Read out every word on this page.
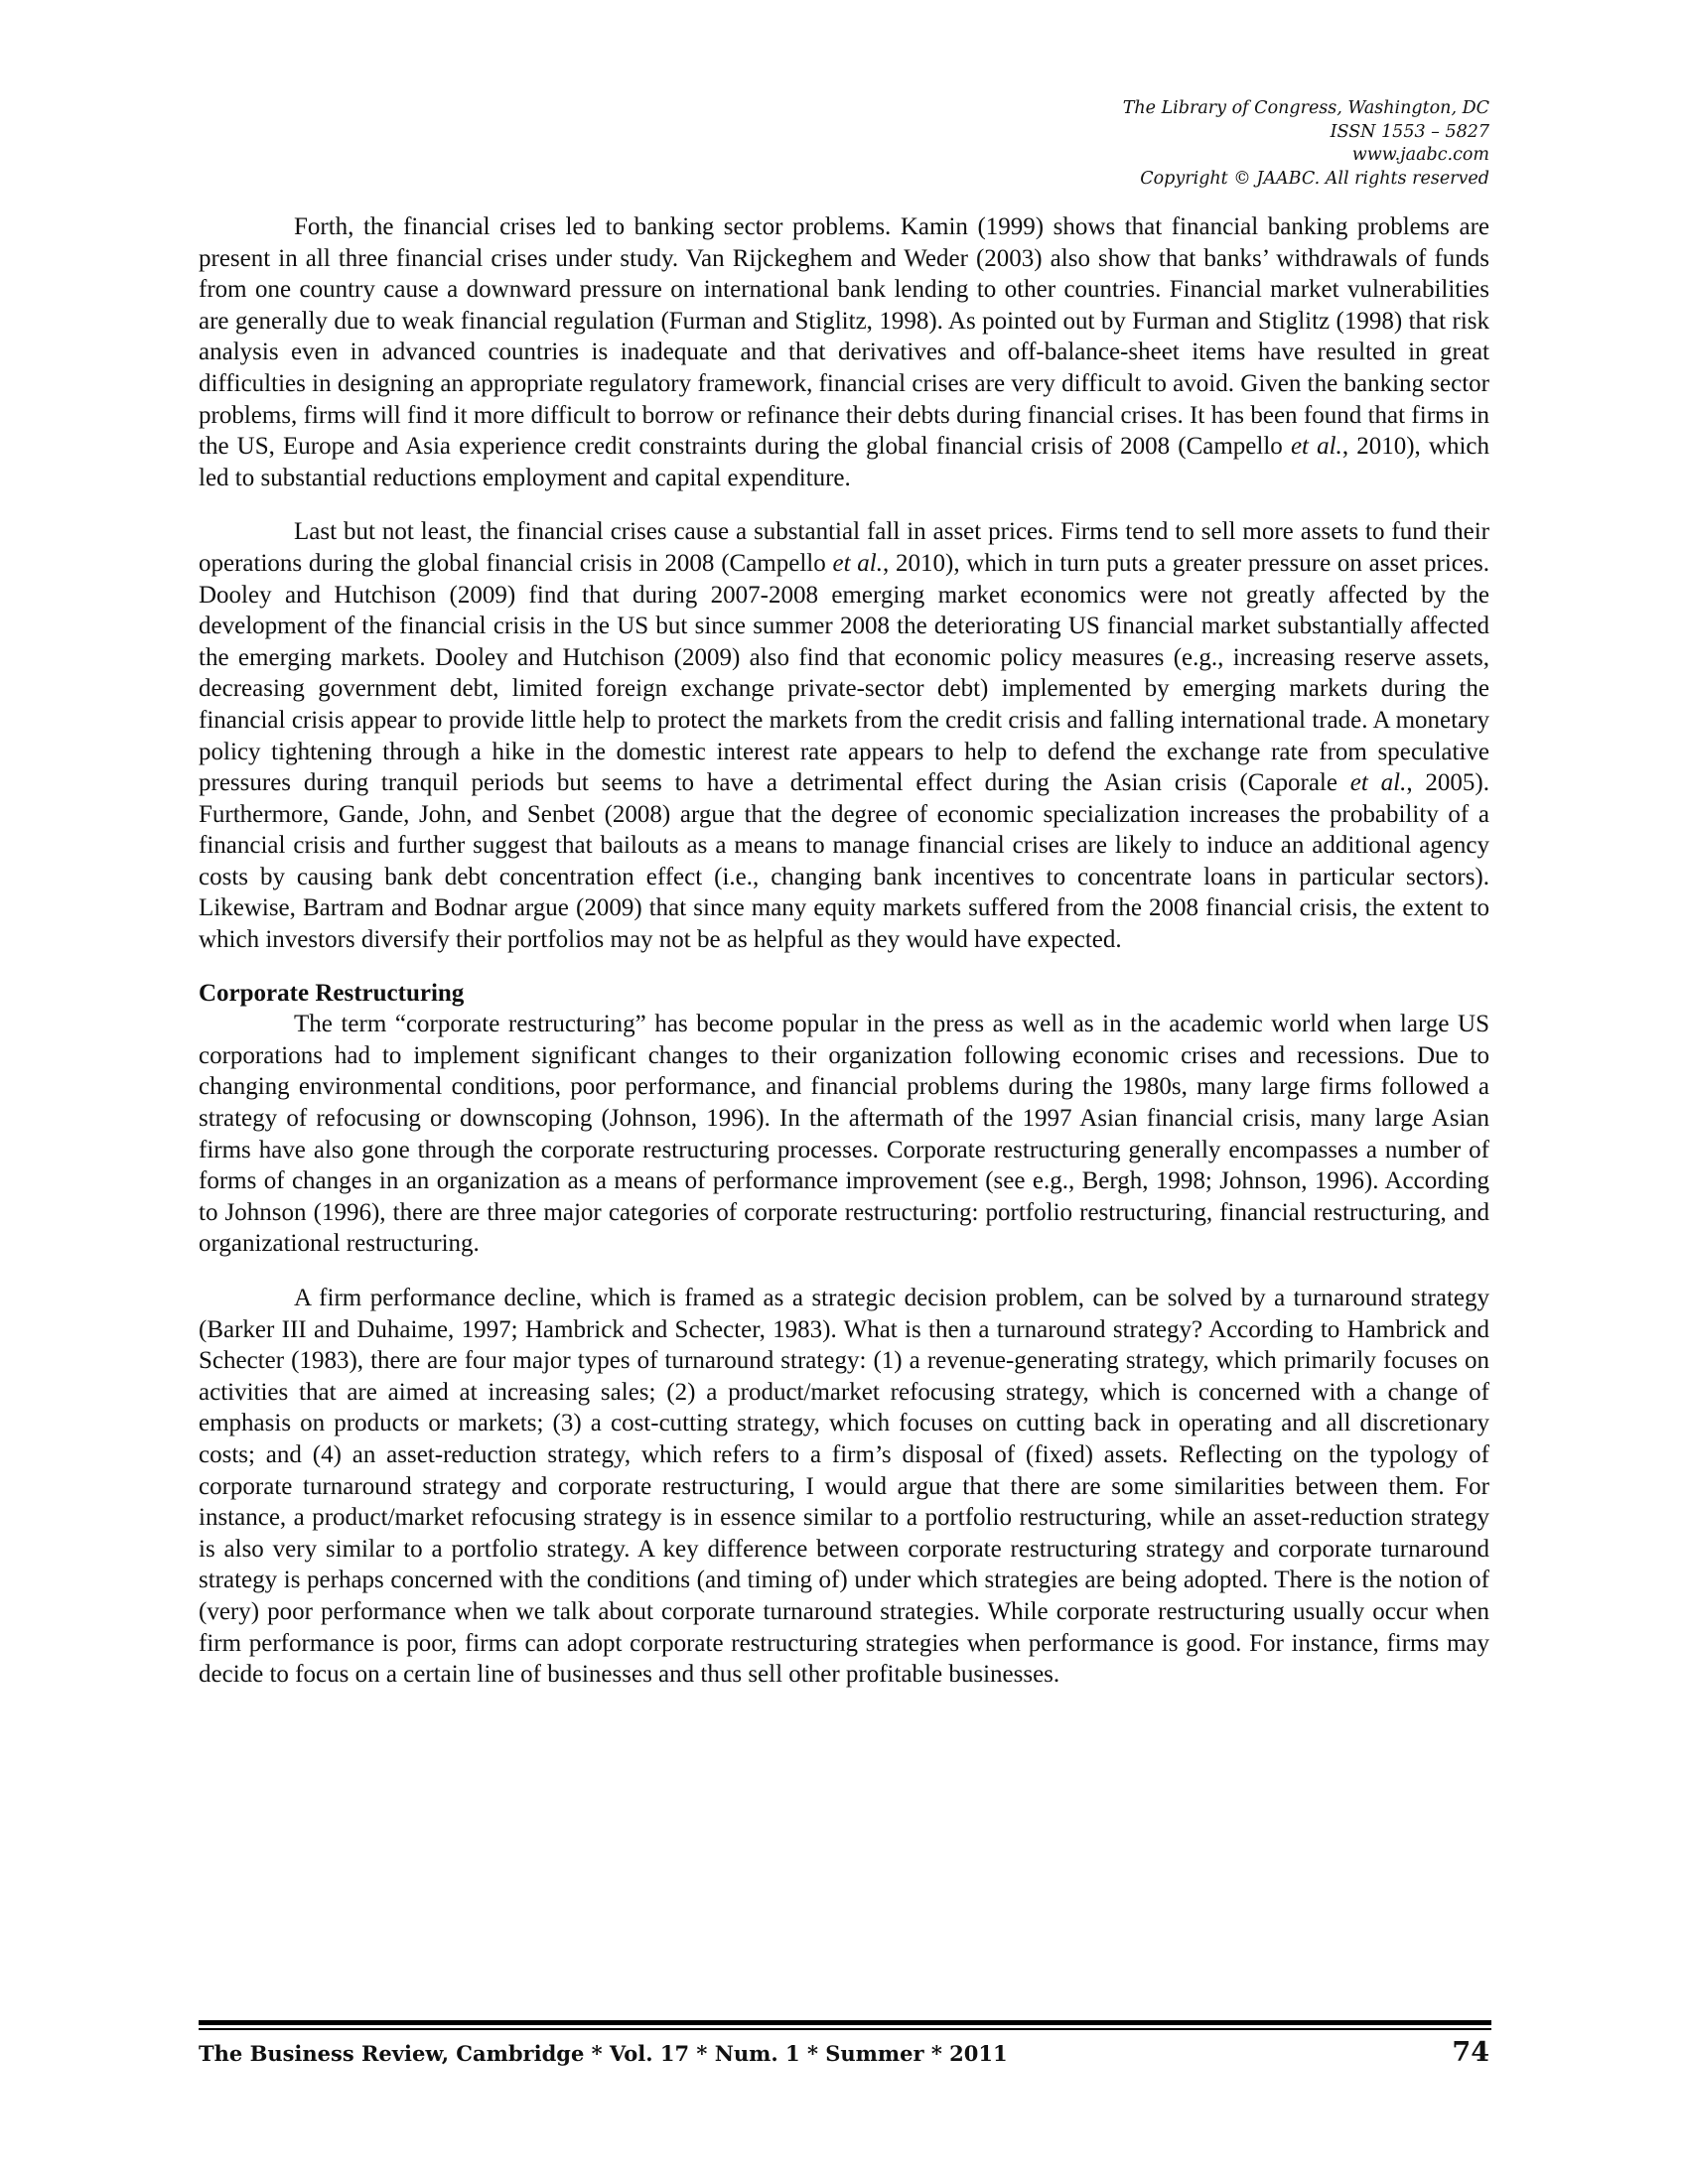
The Library of Congress, Washington, DC
ISSN 1553 – 5827
www.jaabc.com
Copyright © JAABC. All rights reserved

Forth, the financial crises led to banking sector problems. Kamin (1999) shows that financial banking problems are present in all three financial crises under study. Van Rijckeghem and Weder (2003) also show that banks’ withdrawals of funds from one country cause a downward pressure on international bank lending to other countries. Financial market vulnerabilities are generally due to weak financial regulation (Furman and Stiglitz, 1998). As pointed out by Furman and Stiglitz (1998) that risk analysis even in advanced countries is inadequate and that derivatives and off-balance-sheet items have resulted in great difficulties in designing an appropriate regulatory framework, financial crises are very difficult to avoid. Given the banking sector problems, firms will find it more difficult to borrow or refinance their debts during financial crises. It has been found that firms in the US, Europe and Asia experience credit constraints during the global financial crisis of 2008 (Campello et al., 2010), which led to substantial reductions employment and capital expenditure.

Last but not least, the financial crises cause a substantial fall in asset prices. Firms tend to sell more assets to fund their operations during the global financial crisis in 2008 (Campello et al., 2010), which in turn puts a greater pressure on asset prices. Dooley and Hutchison (2009) find that during 2007-2008 emerging market economics were not greatly affected by the development of the financial crisis in the US but since summer 2008 the deteriorating US financial market substantially affected the emerging markets. Dooley and Hutchison (2009) also find that economic policy measures (e.g., increasing reserve assets, decreasing government debt, limited foreign exchange private-sector debt) implemented by emerging markets during the financial crisis appear to provide little help to protect the markets from the credit crisis and falling international trade. A monetary policy tightening through a hike in the domestic interest rate appears to help to defend the exchange rate from speculative pressures during tranquil periods but seems to have a detrimental effect during the Asian crisis (Caporale et al., 2005). Furthermore, Gande, John, and Senbet (2008) argue that the degree of economic specialization increases the probability of a financial crisis and further suggest that bailouts as a means to manage financial crises are likely to induce an additional agency costs by causing bank debt concentration effect (i.e., changing bank incentives to concentrate loans in particular sectors). Likewise, Bartram and Bodnar argue (2009) that since many equity markets suffered from the 2008 financial crisis, the extent to which investors diversify their portfolios may not be as helpful as they would have expected.

Corporate Restructuring

The term “corporate restructuring” has become popular in the press as well as in the academic world when large US corporations had to implement significant changes to their organization following economic crises and recessions. Due to changing environmental conditions, poor performance, and financial problems during the 1980s, many large firms followed a strategy of refocusing or downscoping (Johnson, 1996). In the aftermath of the 1997 Asian financial crisis, many large Asian firms have also gone through the corporate restructuring processes. Corporate restructuring generally encompasses a number of forms of changes in an organization as a means of performance improvement (see e.g., Bergh, 1998; Johnson, 1996). According to Johnson (1996), there are three major categories of corporate restructuring: portfolio restructuring, financial restructuring, and organizational restructuring.

A firm performance decline, which is framed as a strategic decision problem, can be solved by a turnaround strategy (Barker III and Duhaime, 1997; Hambrick and Schecter, 1983). What is then a turnaround strategy? According to Hambrick and Schecter (1983), there are four major types of turnaround strategy: (1) a revenue-generating strategy, which primarily focuses on activities that are aimed at increasing sales; (2) a product/market refocusing strategy, which is concerned with a change of emphasis on products or markets; (3) a cost-cutting strategy, which focuses on cutting back in operating and all discretionary costs; and (4) an asset-reduction strategy, which refers to a firm’s disposal of (fixed) assets. Reflecting on the typology of corporate turnaround strategy and corporate restructuring, I would argue that there are some similarities between them. For instance, a product/market refocusing strategy is in essence similar to a portfolio restructuring, while an asset-reduction strategy is also very similar to a portfolio strategy. A key difference between corporate restructuring strategy and corporate turnaround strategy is perhaps concerned with the conditions (and timing of) under which strategies are being adopted. There is the notion of (very) poor performance when we talk about corporate turnaround strategies. While corporate restructuring usually occur when firm performance is poor, firms can adopt corporate restructuring strategies when performance is good. For instance, firms may decide to focus on a certain line of businesses and thus sell other profitable businesses.

The Business Review, Cambridge * Vol. 17 * Num. 1 * Summer * 2011	74
